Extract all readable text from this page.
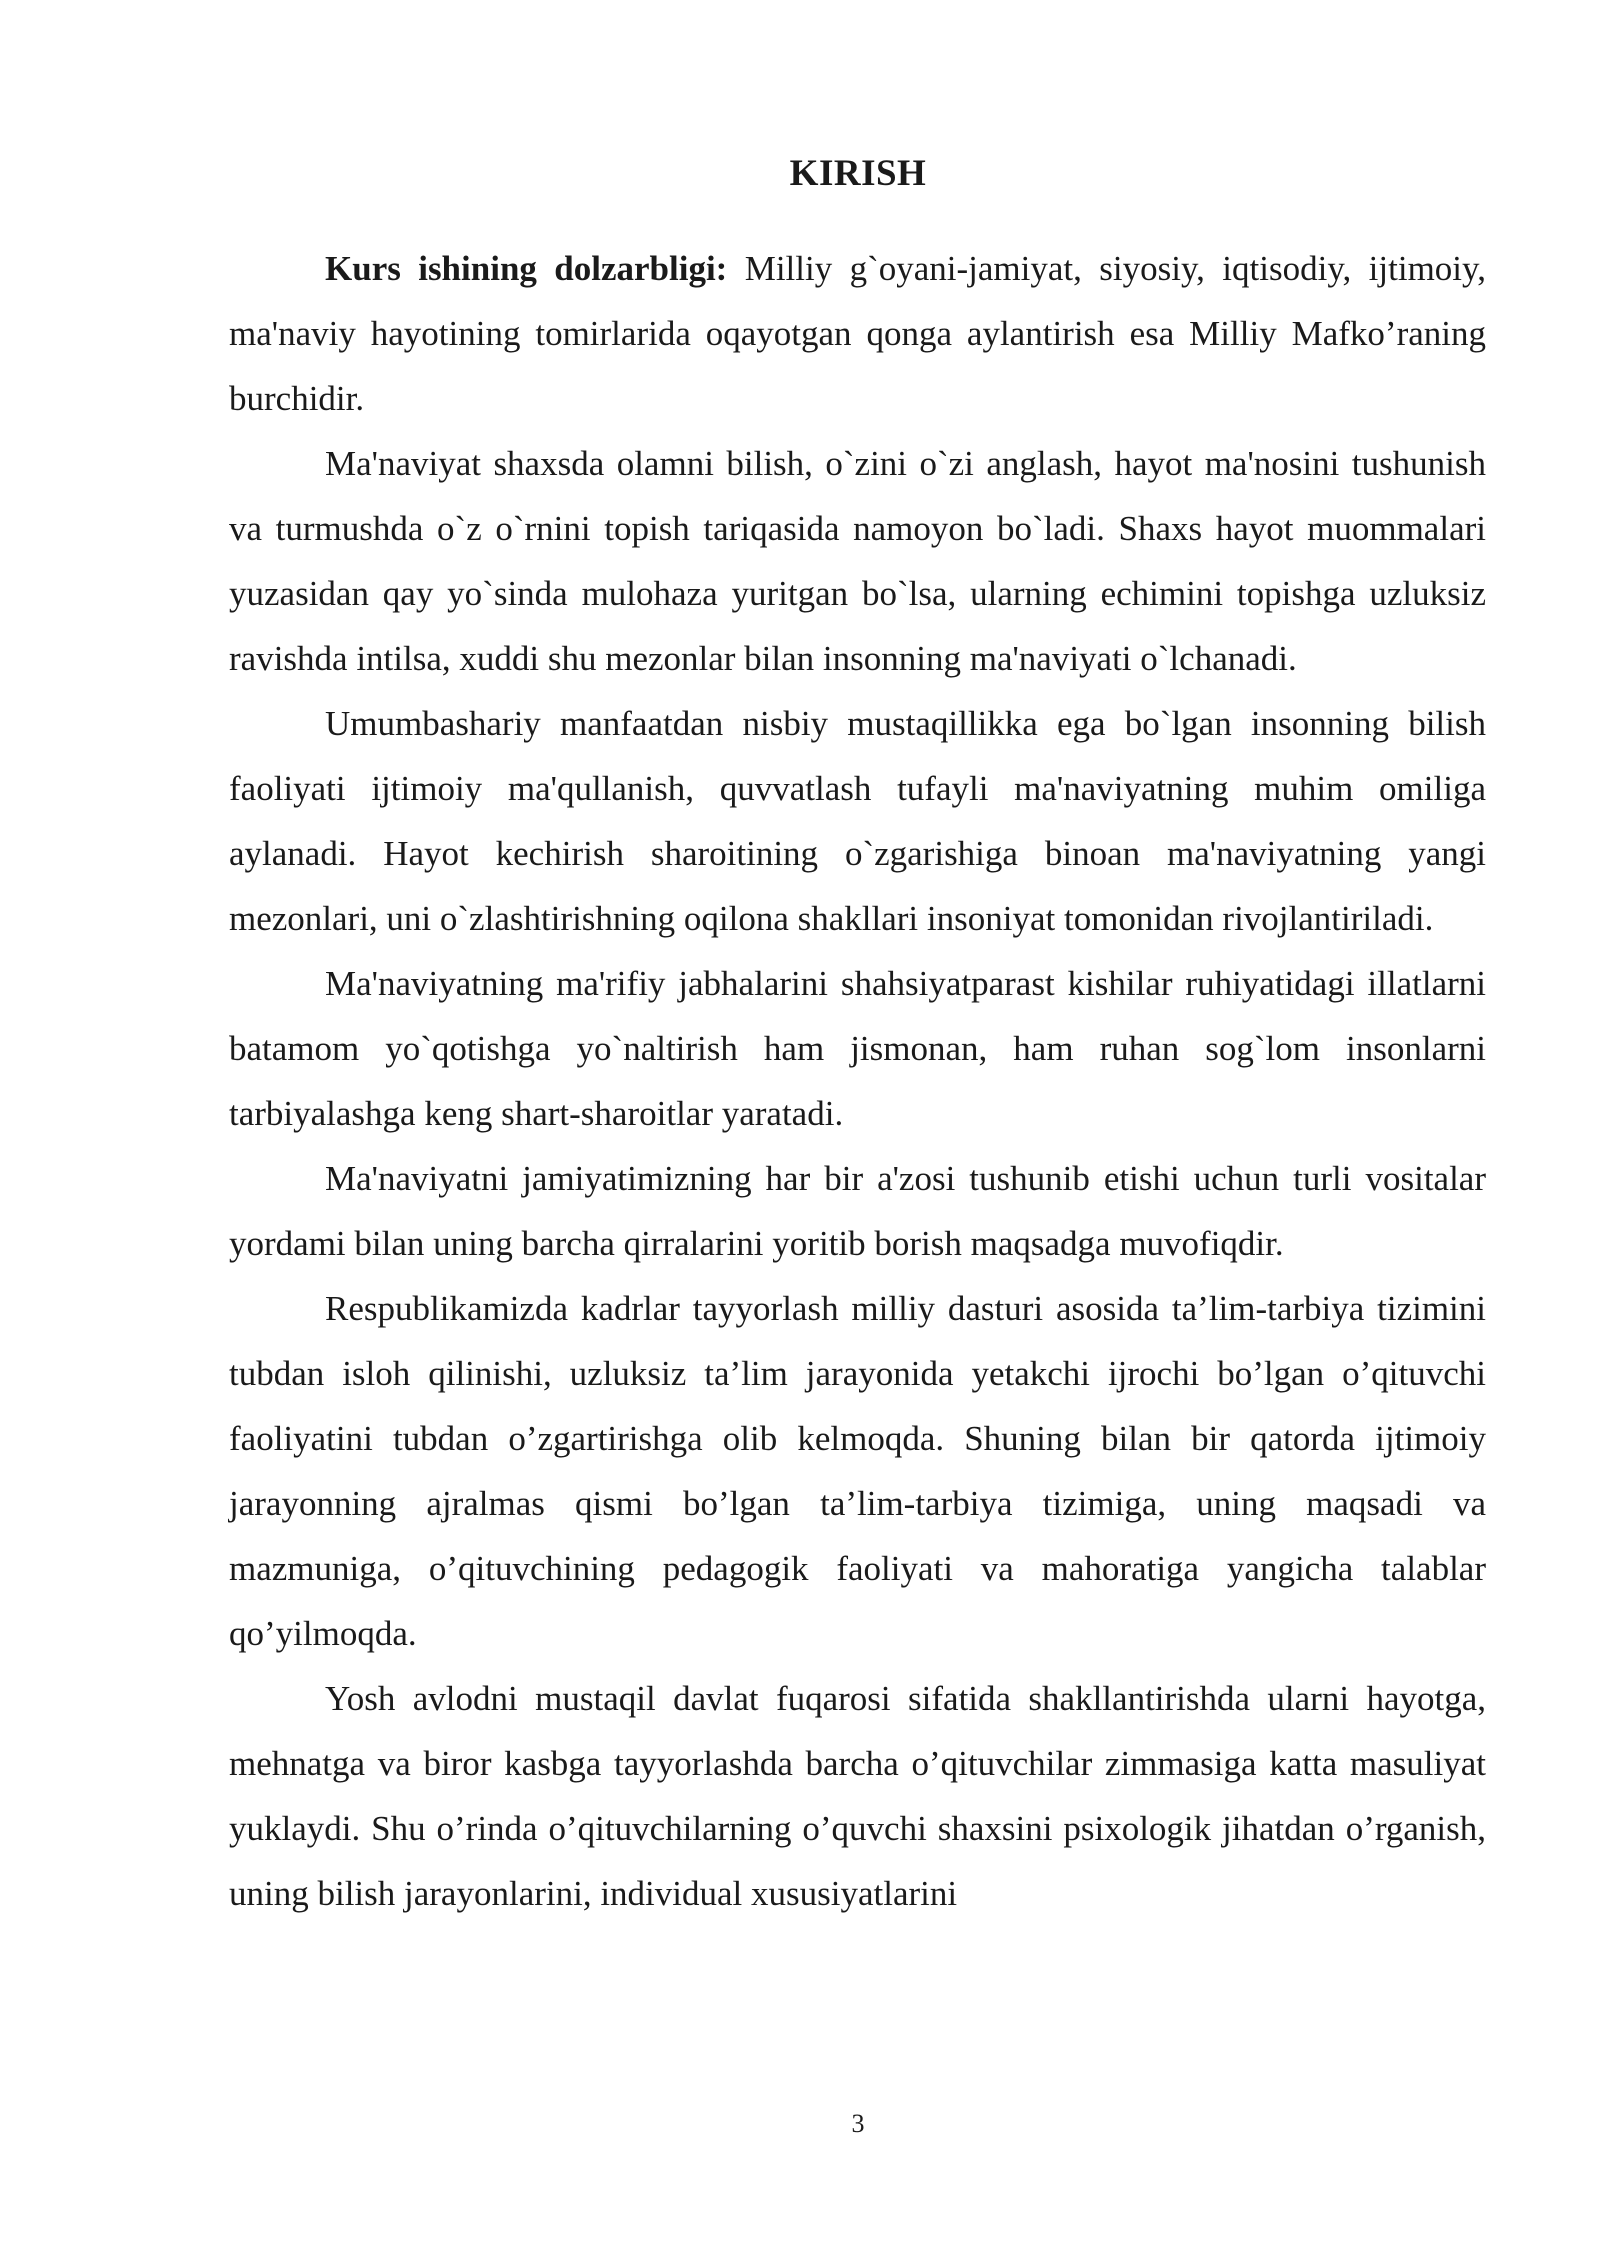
KIRISH

Kurs ishining dolzarbligi: Milliy g`oyani-jamiyat, siyosiy, iqtisodiy, ijtimoiy, ma'naviy hayotining tomirlarida oqayotgan qonga aylantirish esa Milliy Mafko’raning burchidir.

Ma'naviyat shaxsda olamni bilish, o`zini o`zi anglash, hayot ma'nosini tushunish va turmushda o`z o`rnini topish tariqasida namoyon bo`ladi. Shaxs hayot muommalari yuzasidan qay yo`sinda mulohaza yuritgan bo`lsa, ularning echimini topishga uzluksiz ravishda intilsa, xuddi shu mezonlar bilan insonning ma'naviyati o`lchanadi.

Umumbashariy manfaatdan nisbiy mustaqillikka ega bo`lgan insonning bilish faoliyati ijtimoiy ma'qullanish, quvvatlash tufayli ma'naviyatning muhim omiliga aylanadi. Hayot kechirish sharoitining o`zgarishiga binoan ma'naviyatning yangi mezonlari, uni o`zlashtirishning oqilona shakllari insoniyat tomonidan rivojlantiriladi.

Ma'naviyatning ma'rifiy jabhalarini shahsiyatparast kishilar ruhiyatidagi illatlarni batamom yo`qotishga yo`naltirish ham jismonan, ham ruhan sog`lom insonlarni tarbiyalashga keng shart-sharoitlar yaratadi.

Ma'naviyatni jamiyatimizning har bir a'zosi tushunib etishi uchun turli vositalar yordami bilan uning barcha qirralarini yoritib borish maqsadga muvofiqdir.

Respublikamizda kadrlar tayyorlash milliy dasturi asosida ta’lim-tarbiya tizimini tubdan isloh qilinishi, uzluksiz ta’lim jarayonida yetakchi ijrochi bo’lgan o’qituvchi faoliyatini tubdan o’zgartirishga olib kelmoqda. Shuning bilan bir qatorda ijtimoiy jarayonning ajralmas qismi bo’lgan ta’lim-tarbiya tizimiga, uning maqsadi va mazmuniga, o’qituvchining pedagogik faoliyati va mahoratiga yangicha talablar qo’yilmoqda.

Yosh avlodni mustaqil davlat fuqarosi sifatida shakllantirishda ularni hayotga, mehnatga va biror kasbga tayyorlashda barcha o’qituvchilar zimmasiga katta masuliyat yuklaydi. Shu o’rinda o’qituvchilarning o’quvchi shaxsini psixologik jihatdan o’rganish, uning bilish jarayonlarini, individual xususiyatlarini

3
